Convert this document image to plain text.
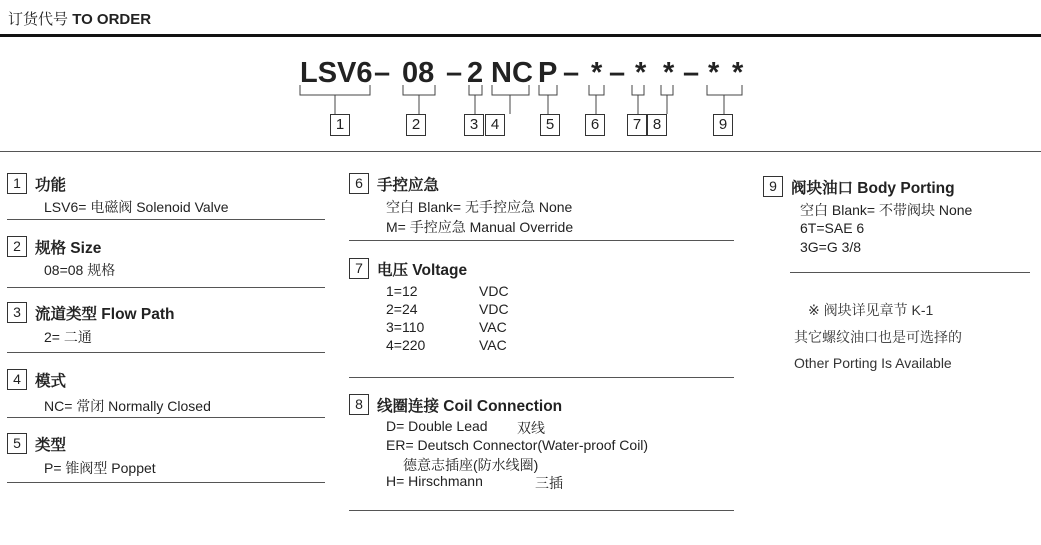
订货代号 TO ORDER
LSV6 – 08 – 2 NC P – * – * * – * *
1	2	3 4	5	6	7 8	9
1 功能
LSV6= 电磁阀 Solenoid Valve
2 规格 Size
08=08 规格
3 流道类型 Flow Path
2= 二通
4 模式
NC= 常闭 Normally Closed
5 类型
P= 锥阀型 Poppet
6 手控应急
空白 Blank= 无手控应急 None
M= 手控应急 Manual Override
7 电压 Voltage
1=12	VDC
2=24	VDC
3=110	VAC
4=220	VAC
8 线圈连接 Coil Connection
D= Double Lead 双线
ER= Deutsch Connector(Water-proof Coil)
德意志插座(防水线圈)
H= Hirschmann	三插
9 阀块油口 Body Porting
空白 Blank= 不带阀块 None
6T=SAE 6
3G=G 3/8
※ 阀块详见章节 K-1
其它螺纹油口也是可选择的
Other Porting Is Available
